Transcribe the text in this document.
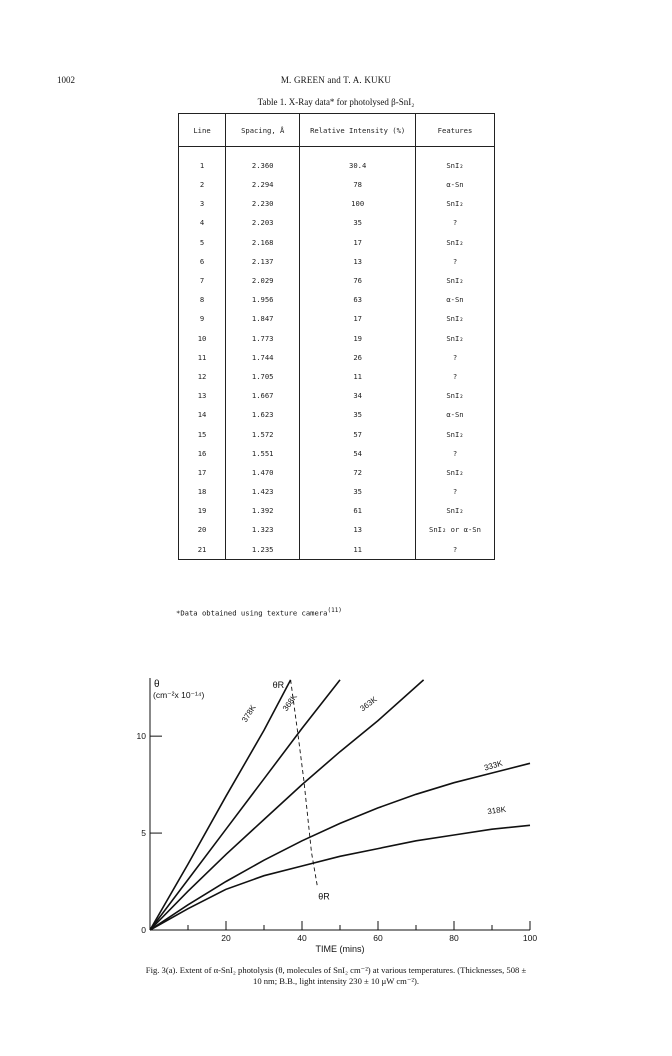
1002	M. GREEN and T. A. KUKU
Table 1. X-Ray data* for photolysed β-SnI₂
Line	Spacing, Å	Relative Intensity (%)	Features
1	2.360	30.4	SnI₂
2	2.294	78	α-Sn
3	2.230	100	SnI₂
4	2.203	35	?
5	2.168	17	SnI₂
6	2.137	13	?
7	2.029	76	SnI₂
8	1.956	63	α-Sn
9	1.847	17	SnI₂
10	1.773	19	SnI₂
11	1.744	26	?
12	1.705	11	?
13	1.667	34	SnI₂
14	1.623	35	α-Sn
15	1.572	57	SnI₂
16	1.551	54	?
17	1.470	72	SnI₂
18	1.423	35	?
19	1.392	61	SnI₂
20	1.323	13	SnI₂ or α-Sn
21	1.235	11	?
*Data obtained using texture camera$^{(11)}$
20	40	60	80	100
0
5
10
θ
(cm⁻²x 10⁻¹⁴)
TIME (mins)
378K
368K	363K
333K
318K
θR
θR
Fig. 3(a). Extent of α-SnI₂ photolysis (θ, molecules of SnI₂ cm⁻²) at various temperatures. (Thicknesses, 508 ±
10 nm; B.B., light intensity 230 ± 10 μW cm⁻²).
